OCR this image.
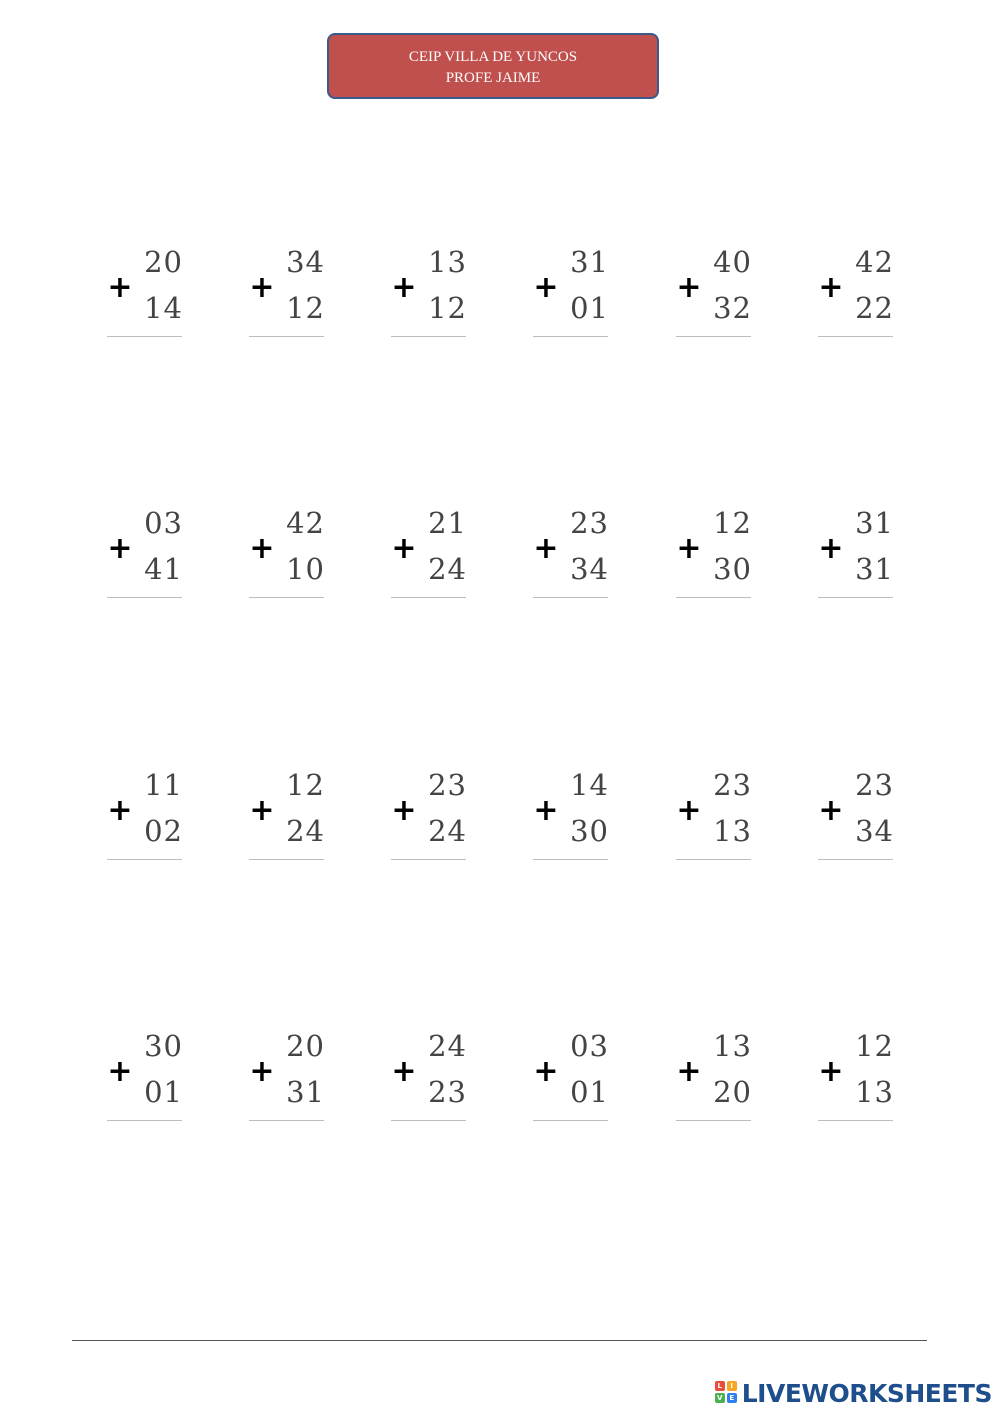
CEIP VILLA DE YUNCOS
PROFE JAIME
+
20
14
+
34
12
+
13
12
+
31
01
+
40
32
+
42
22
+
03
41
+
42
10
+
21
24
+
23
34
+
12
30
+
31
31
+
11
02
+
12
24
+
23
24
+
14
30
+
23
13
+
23
34
+
30
01
+
20
31
+
24
23
+
03
01
+
13
20
+
12
13
L	I
V E LIVEWORKSHEETS
